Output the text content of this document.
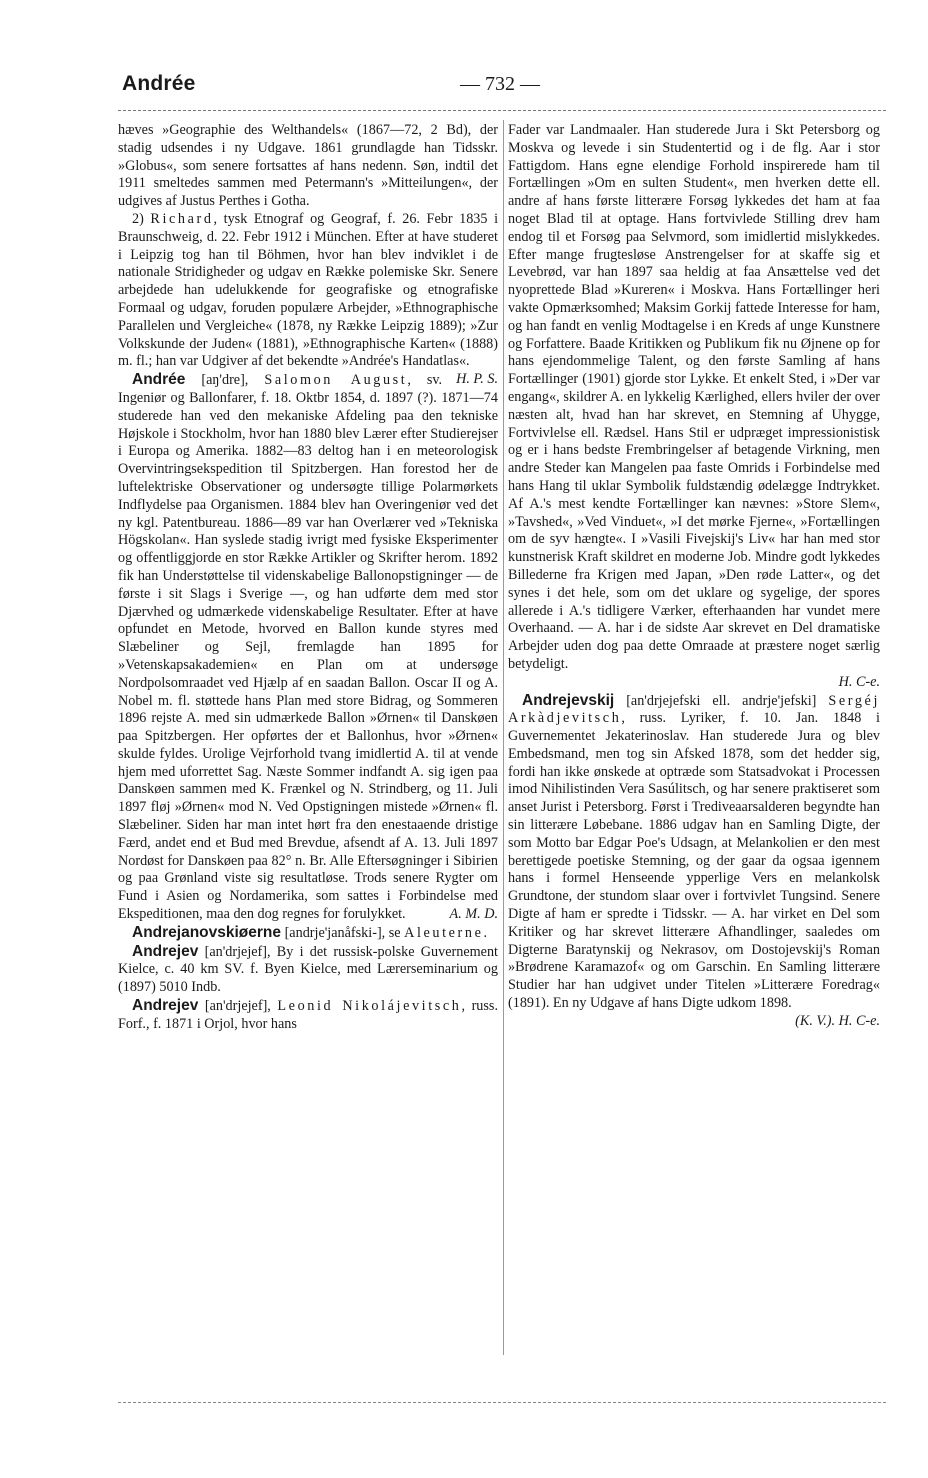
Andrée	— 732 —

hæves »Geographie des Welthandels« (1867—72, 2 Bd), der stadig udsendes i ny Udgave. 1861 grundlagde han Tidsskr. »Globus«, som senere fortsattes af hans nedenn. Søn, indtil det 1911 smeltedes sammen med Petermann's »Mitteilungen«, der udgives af Justus Perthes i Gotha.

2) Richard, tysk Etnograf og Geograf, f. 26. Febr 1835 i Braunschweig, d. 22. Febr 1912 i München. Efter at have studeret i Leipzig tog han til Böhmen, hvor han blev indviklet i de nationale Stridigheder og udgav en Række polemiske Skr. Senere arbejdede han udelukkende for geografiske og etnografiske Formaal og udgav, foruden populære Arbejder, »Ethnographische Parallelen und Vergleiche« (1878, ny Række Leipzig 1889); »Zur Volkskunde der Juden« (1881), »Ethnographische Karten« (1888) m. fl.; han var Udgiver af det bekendte »Andrée's Handatlas«.
H. P. S.

Andrée [aŋ'dre], Salomon August, sv. Ingeniør og Ballonfarer, f. 18. Oktbr 1854, d. 1897 (?). 1871—74 studerede han ved den mekaniske Afdeling paa den tekniske Højskole i Stockholm, hvor han 1880 blev Lærer efter Studierejser i Europa og Amerika. 1882—83 deltog han i en meteorologisk Overvintringsekspedition til Spitzbergen. Han forestod her de luftelektriske Observationer og undersøgte tillige Polarmørkets Indflydelse paa Organismen. 1884 blev han Overingeniør ved det ny kgl. Patentbureau. 1886—89 var han Overlærer ved »Tekniska Högskolan«. Han syslede stadig ivrigt med fysiske Eksperimenter og offentliggjorde en stor Række Artikler og Skrifter herom. 1892 fik han Understøttelse til videnskabelige Ballonopstigninger — de første i sit Slags i Sverige —, og han udførte dem med stor Djærvhed og udmærkede videnskabelige Resultater. Efter at have opfundet en Metode, hvorved en Ballon kunde styres med Slæbeliner og Sejl, fremlagde han 1895 for »Vetenskapsakademien« en Plan om at undersøge Nordpolsomraadet ved Hjælp af en saadan Ballon. Oscar II og A. Nobel m. fl. støttede hans Plan med store Bidrag, og Sommeren 1896 rejste A. med sin udmærkede Ballon »Ørnen« til Danskøen paa Spitzbergen. Her opførtes der et Ballonhus, hvor »Ørnen« skulde fyldes. Urolige Vejrforhold tvang imidlertid A. til at vende hjem med uforrettet Sag. Næste Sommer indfandt A. sig igen paa Danskøen sammen med K. Frænkel og N. Strindberg, og 11. Juli 1897 fløj »Ørnen« mod N. Ved Opstigningen mistede »Ørnen« fl. Slæbeliner. Siden har man intet hørt fra den enestaaende dristige Færd, andet end et Bud med Brevdue, afsendt af A. 13. Juli 1897 Nordøst for Danskøen paa 82° n. Br. Alle Eftersøgninger i Sibirien og paa Grønland viste sig resultatløse. Trods senere Rygter om Fund i Asien og Nordamerika, som sattes i Forbindelse med Ekspeditionen, maa den dog regnes for forulykket.	A. M. D.

Andrejanovskiøerne [andrje'janåfski-], se Aleuterne.

Andrejev [an'drjejef], By i det russisk-polske Guvernement Kielce, c. 40 km SV. f. Byen Kielce, med Lærerseminarium og (1897) 5010 Indb.

Andrejev [an'drjejef], Leonid Nikolájevitsch, russ. Forf., f. 1871 i Orjol, hvor hans

Fader var Landmaaler. Han studerede Jura i Skt Petersborg og Moskva og levede i sin Studentertid og i de flg. Aar i stor Fattigdom. Hans egne elendige Forhold inspirerede ham til Fortællingen »Om en sulten Student«, men hverken dette ell. andre af hans første litterære Forsøg lykkedes det ham at faa noget Blad til at optage. Hans fortvivlede Stilling drev ham endog til et Forsøg paa Selvmord, som imidlertid mislykkedes. Efter mange frugtesløse Anstrengelser for at skaffe sig et Levebrød, var han 1897 saa heldig at faa Ansættelse ved det nyoprettede Blad »Kureren« i Moskva. Hans Fortællinger heri vakte Opmærksomhed; Maksim Gorkij fattede Interesse for ham, og han fandt en venlig Modtagelse i en Kreds af unge Kunstnere og Forfattere. Baade Kritikken og Publikum fik nu Øjnene op for hans ejendommelige Talent, og den første Samling af hans Fortællinger (1901) gjorde stor Lykke. Et enkelt Sted, i »Der var engang«, skildrer A. en lykkelig Kærlighed, ellers hviler der over næsten alt, hvad han har skrevet, en Stemning af Uhygge, Fortvivlelse ell. Rædsel. Hans Stil er udpræget impressionistisk og er i hans bedste Frembringelser af betagende Virkning, men andre Steder kan Mangelen paa faste Omrids i Forbindelse med hans Hang til uklar Symbolik fuldstændig ødelægge Indtrykket. Af A.'s mest kendte Fortællinger kan nævnes: »Store Slem«, »Tavshed«, »Ved Vinduet«, »I det mørke Fjerne«, »Fortællingen om de syv hængte«. I »Vasili Fivejskij's Liv« har han med stor kunstnerisk Kraft skildret en moderne Job. Mindre godt lykkedes Billederne fra Krigen med Japan, »Den røde Latter«, og det synes i det hele, som om det uklare og sygelige, der spores allerede i A.'s tidligere Værker, efterhaanden har vundet mere Overhaand. — A. har i de sidste Aar skrevet en Del dramatiske Arbejder uden dog paa dette Omraade at præstere noget særlig betydeligt.

H. C-e.

Andrejevskij [an'drjejefski ell. andrje'jefski] Sergéj Arkàdjevitsch, russ. Lyriker, f. 10. Jan. 1848 i Guvernementet Jekaterinoslav. Han studerede Jura og blev Embedsmand, men tog sin Afsked 1878, som det hedder sig, fordi han ikke ønskede at optræde som Statsadvokat i Processen imod Nihilistinden Vera Sasúlitsch, og har senere praktiseret som anset Jurist i Petersborg. Først i Trediveaarsalderen begyndte han sin litterære Løbebane. 1886 udgav han en Samling Digte, der som Motto bar Edgar Poe's Udsagn, at Melankolien er den mest berettigede poetiske Stemning, og der gaar da ogsaa igennem hans i formel Henseende ypperlige Vers en melankolsk Grundtone, der stundom slaar over i fortvivlet Tungsind. Senere Digte af ham er spredte i Tidsskr. — A. har virket en Del som Kritiker og har skrevet litterære Afhandlinger, saaledes om Digterne Baratynskij og Nekrasov, om Dostojevskij's Roman »Brødrene Karamazof« og om Garschin. En Samling litterære Studier har han udgivet under Titelen »Litterære Foredrag« (1891). En ny Udgave af hans Digte udkom 1898.

(K. V.). H. C-e.
